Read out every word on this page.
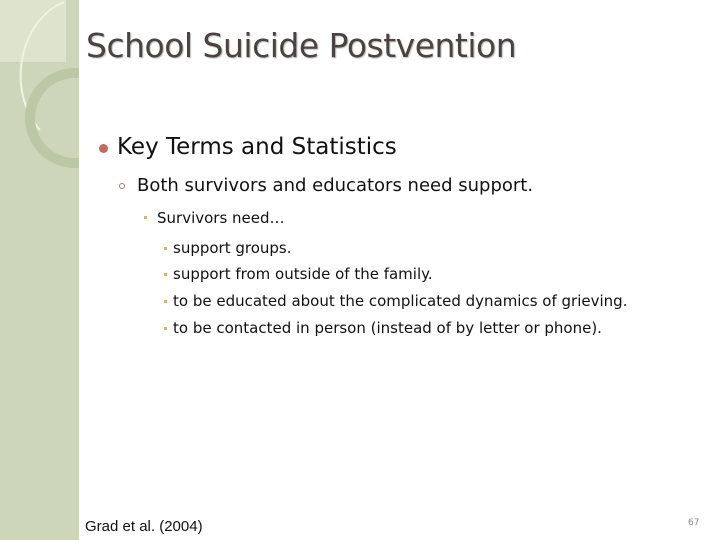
School Suicide Postvention
Key Terms and Statistics
Both survivors and educators need support.
Survivors need…
support groups.
support from outside of the family.
to be educated about the complicated dynamics of grieving.
to be contacted in person (instead of by letter or phone).
Grad et al. (2004)	67
